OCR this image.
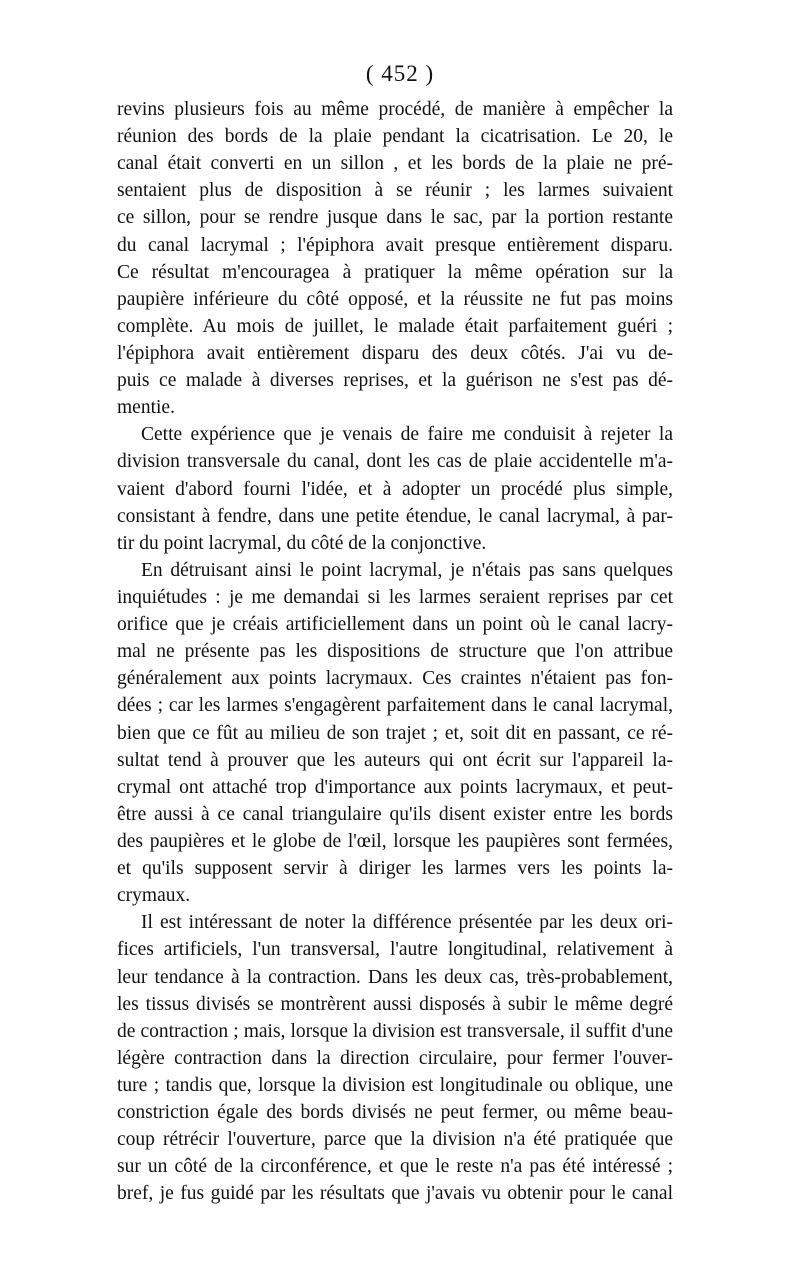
( 452 )
revins plusieurs fois au même procédé, de manière à empêcher la
réunion des bords de la plaie pendant la cicatrisation. Le 20, le
canal était converti en un sillon , et les bords de la plaie ne pré-
sentaient plus de disposition à se réunir ; les larmes suivaient
ce sillon, pour se rendre jusque dans le sac, par la portion restante
du canal lacrymal ; l'épiphora avait presque entièrement disparu.
Ce résultat m'encouragea à pratiquer la même opération sur la
paupière inférieure du côté opposé, et la réussite ne fut pas moins
complète. Au mois de juillet, le malade était parfaitement guéri ;
l'épiphora avait entièrement disparu des deux côtés. J'ai vu de-
puis ce malade à diverses reprises, et la guérison ne s'est pas dé-
mentie.
Cette expérience que je venais de faire me conduisit à rejeter la
division transversale du canal, dont les cas de plaie accidentelle m'a-
vaient d'abord fourni l'idée, et à adopter un procédé plus simple,
consistant à fendre, dans une petite étendue, le canal lacrymal, à par-
tir du point lacrymal, du côté de la conjonctive.
En détruisant ainsi le point lacrymal, je n'étais pas sans quelques
inquiétudes : je me demandai si les larmes seraient reprises par cet
orifice que je créais artificiellement dans un point où le canal lacry-
mal ne présente pas les dispositions de structure que l'on attribue
généralement aux points lacrymaux. Ces craintes n'étaient pas fon-
dées ; car les larmes s'engagèrent parfaitement dans le canal lacrymal,
bien que ce fût au milieu de son trajet ; et, soit dit en passant, ce ré-
sultat tend à prouver que les auteurs qui ont écrit sur l'appareil la-
crymal ont attaché trop d'importance aux points lacrymaux, et peut-
être aussi à ce canal triangulaire qu'ils disent exister entre les bords
des paupières et le globe de l'œil, lorsque les paupières sont fermées,
et qu'ils supposent servir à diriger les larmes vers les points la-
crymaux.
Il est intéressant de noter la différence présentée par les deux ori-
fices artificiels, l'un transversal, l'autre longitudinal, relativement à
leur tendance à la contraction. Dans les deux cas, très-probablement,
les tissus divisés se montrèrent aussi disposés à subir le même degré
de contraction ; mais, lorsque la division est transversale, il suffit d'une
légère contraction dans la direction circulaire, pour fermer l'ouver-
ture ; tandis que, lorsque la division est longitudinale ou oblique, une
constriction égale des bords divisés ne peut fermer, ou même beau-
coup rétrécir l'ouverture, parce que la division n'a été pratiquée que
sur un côté de la circonférence, et que le reste n'a pas été intéressé ;
bref, je fus guidé par les résultats que j'avais vu obtenir pour le canal
